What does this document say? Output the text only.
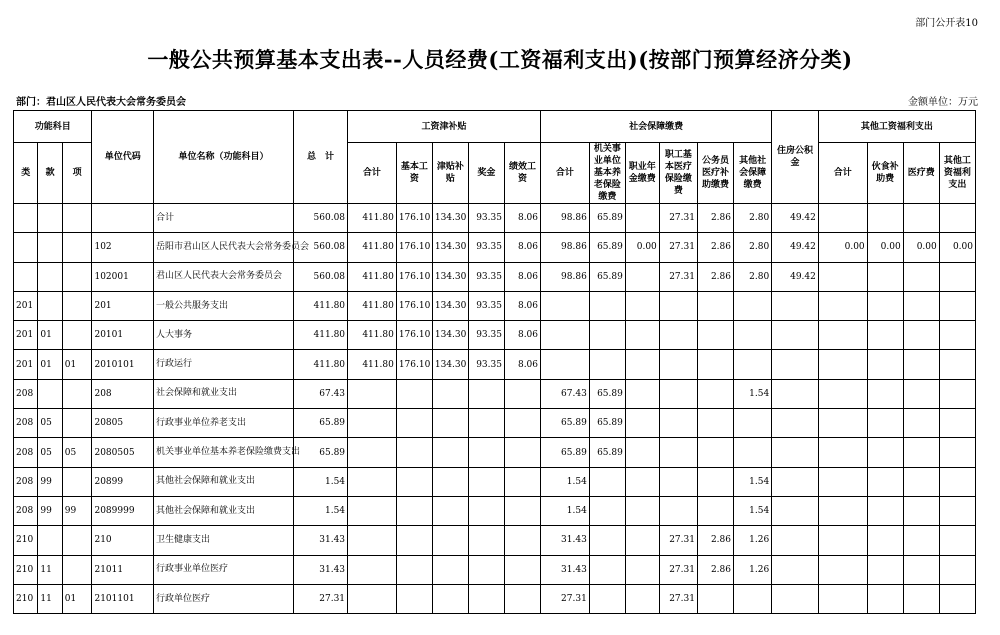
部门公开表10
一般公共预算基本支出表--人员经费(工资福利支出)(按部门预算经济分类)
部门：君山区人民代表大会常务委员会	金额单位：万元
功能科目			单位代码	单位名称（功能科目）	总　计	工资津补贴					社会保障缴费						住房公积金	其他工资福利支出			
类	款	项				合计	基本工资	津贴补贴	奖金	绩效工资	合计	机关事业单位基本养老保险缴费	职业年金缴费	职工基本医疗保险缴费	公务员医疗补助缴费	其他社会保障缴费		合计	伙食补助费	医疗费	其他工资福利支出
				合计	560.08	411.80	176.10	134.30	93.35	8.06	98.86	65.89		27.31	2.86	2.80	49.42				
			102	岳阳市君山区人民代表大会常务委员会	560.08	411.80	176.10	134.30	93.35	8.06	98.86	65.89	0.00	27.31	2.86	2.80	49.42	0.00	0.00	0.00	0.00
			102001	君山区人民代表大会常务委员会	560.08	411.80	176.10	134.30	93.35	8.06	98.86	65.89		27.31	2.86	2.80	49.42				
201			201	一般公共服务支出	411.80	411.80	176.10	134.30	93.35	8.06											
201	01		20101	人大事务	411.80	411.80	176.10	134.30	93.35	8.06											
201	01	01	2010101	行政运行	411.80	411.80	176.10	134.30	93.35	8.06											
208			208	社会保障和就业支出	67.43						67.43	65.89				1.54					
208	05		20805	行政事业单位养老支出	65.89						65.89	65.89									
208	05	05	2080505	机关事业单位基本养老保险缴费支出	65.89						65.89	65.89									
208	99		20899	其他社会保障和就业支出	1.54						1.54					1.54					
208	99	99	2089999	其他社会保障和就业支出	1.54						1.54					1.54					
210			210	卫生健康支出	31.43						31.43			27.31	2.86	1.26					
210	11		21011	行政事业单位医疗	31.43						31.43			27.31	2.86	1.26					
210	11	01	2101101	行政单位医疗	27.31						27.31			27.31							
